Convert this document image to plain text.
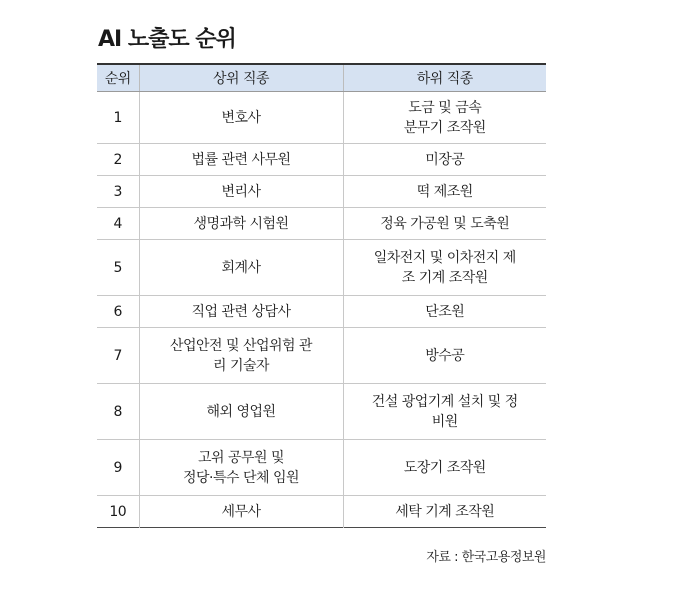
AI 노출도 순위
순위	상위 직종	하위 직종
1	변호사	도금 및 금속
분무기 조작원

2	법률 관련 사무원	미장공
3	변리사	떡 제조원
4	생명과학 시험원	정육 가공원 및 도축원
5	회계사	일차전지 및 이차전지 제
조 기계 조작원

6	직업 관련 상담사	단조원
7	산업안전 및 산업위험 관
리 기술자	방수공
8	해외 영업원	건설 광업기계 설치 및 정
비원

9	고위 공무원 및
정당·특수 단체 임원	도장기 조작원
10	세무사	세탁 기계 조작원
자료 : 한국고용정보원
